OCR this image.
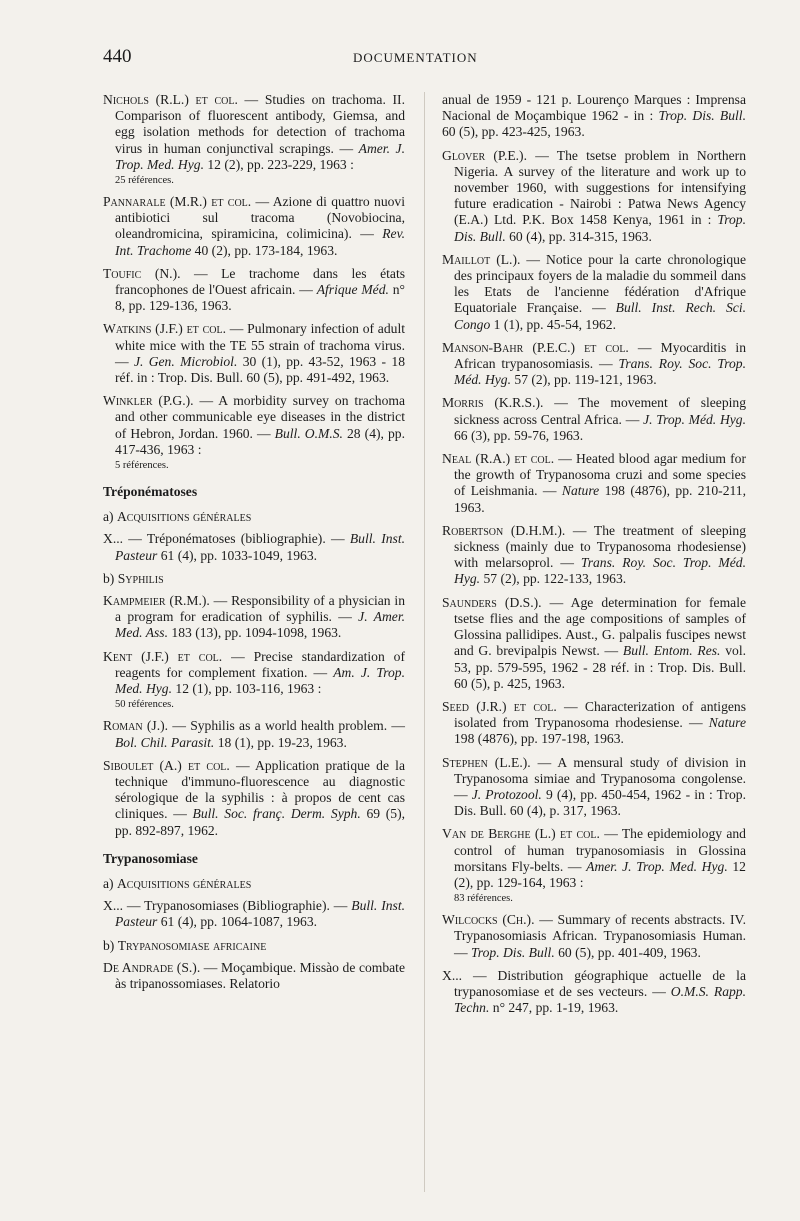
440	DOCUMENTATION
Nichols (R.L.) et col. — Studies on trachoma. II. Comparison of fluorescent antibody, Giemsa, and egg isolation methods for detection of trachoma virus in human conjunctival scrapings. — Amer. J. Trop. Med. Hyg. 12 (2), pp. 223-229, 1963 :
25 références.
Pannarale (M.R.) et col. — Azione di quattro nuovi antibiotici sul tracoma (Novobiocina, oleandromicina, spiramicina, colimicina). — Rev. Int. Trachome 40 (2), pp. 173-184, 1963.
Toufic (N.). — Le trachome dans les états francophones de l'Ouest africain. — Afrique Méd. n° 8, pp. 129-136, 1963.
Watkins (J.F.) et col. — Pulmonary infection of adult white mice with the TE 55 strain of trachoma virus. — J. Gen. Microbiol. 30 (1), pp. 43-52, 1963 - 18 réf. in : Trop. Dis. Bull. 60 (5), pp. 491-492, 1963.
Winkler (P.G.). — A morbidity survey on trachoma and other communicable eye diseases in the district of Hebron, Jordan. 1960. — Bull. O.M.S. 28 (4), pp. 417-436, 1963 :
5 références.
Tréponématoses
a) Acquisitions générales
X... — Tréponématoses (bibliographie). — Bull. Inst. Pasteur 61 (4), pp. 1033-1049, 1963.
b) Syphilis
Kampmeier (R.M.). — Responsibility of a physician in a program for eradication of syphilis. — J. Amer. Med. Ass. 183 (13), pp. 1094-1098, 1963.
Kent (J.F.) et col. — Precise standardization of reagents for complement fixation. — Am. J. Trop. Med. Hyg. 12 (1), pp. 103-116, 1963 :
50 références.
Roman (J.). — Syphilis as a world health problem. — Bol. Chil. Parasit. 18 (1), pp. 19-23, 1963.
Siboulet (A.) et col. — Application pratique de la technique d'immuno-fluorescence au diagnostic sérologique de la syphilis : à propos de cent cas cliniques. — Bull. Soc. franç. Derm. Syph. 69 (5), pp. 892-897, 1962.
Trypanosomiase
a) Acquisitions générales
X... — Trypanosomiases (Bibliographie). — Bull. Inst. Pasteur 61 (4), pp. 1064-1087, 1963.
b) Trypanosomiase africaine
De Andrade (S.). — Moçambique. Missào de combate às tripanossomiases. Relatorio
anual de 1959 - 121 p. Lourenço Marques : Imprensa Nacional de Moçambique 1962 - in : Trop. Dis. Bull. 60 (5), pp. 423-425, 1963.
Glover (P.E.). — The tsetse problem in Northern Nigeria. A survey of the literature and work up to november 1960, with suggestions for intensifying future eradication - Nairobi : Patwa News Agency (E.A.) Ltd. P.K. Box 1458 Kenya, 1961 in : Trop. Dis. Bull. 60 (4), pp. 314-315, 1963.
Maillot (L.). — Notice pour la carte chronologique des principaux foyers de la maladie du sommeil dans les Etats de l'ancienne fédération d'Afrique Equatoriale Française. — Bull. Inst. Rech. Sci. Congo 1 (1), pp. 45-54, 1962.
Manson-Bahr (P.E.C.) et col. — Myocarditis in African trypanosomiasis. — Trans. Roy. Soc. Trop. Méd. Hyg. 57 (2), pp. 119-121, 1963.
Morris (K.R.S.). — The movement of sleeping sickness across Central Africa. — J. Trop. Méd. Hyg. 66 (3), pp. 59-76, 1963.
Neal (R.A.) et col. — Heated blood agar medium for the growth of Trypanosoma cruzi and some species of Leishmania. — Nature 198 (4876), pp. 210-211, 1963.
Robertson (D.H.M.). — The treatment of sleeping sickness (mainly due to Trypanosoma rhodesiense) with melarsoprol. — Trans. Roy. Soc. Trop. Méd. Hyg. 57 (2), pp. 122-133, 1963.
Saunders (D.S.). — Age determination for female tsetse flies and the age compositions of samples of Glossina pallidipes. Aust., G. palpalis fuscipes newst and G. brevipalpis Newst. — Bull. Entom. Res. vol. 53, pp. 579-595, 1962 - 28 réf. in : Trop. Dis. Bull. 60 (5), p. 425, 1963.
Seed (J.R.) et col. — Characterization of antigens isolated from Trypanosoma rhodesiense. — Nature 198 (4876), pp. 197-198, 1963.
Stephen (L.E.). — A mensural study of division in Trypanosoma simiae and Trypanosoma congolense. — J. Protozool. 9 (4), pp. 450-454, 1962 - in : Trop. Dis. Bull. 60 (4), p. 317, 1963.
Van de Berghe (L.) et col. — The epidemiology and control of human trypanosomiasis in Glossina morsitans Fly-belts. — Amer. J. Trop. Med. Hyg. 12 (2), pp. 129-164, 1963 :
83 références.
Wilcocks (Ch.). — Summary of recents abstracts. IV. Trypanosomiasis African. Trypanosomiasis Human. — Trop. Dis. Bull. 60 (5), pp. 401-409, 1963.
X... — Distribution géographique actuelle de la trypanosomiase et de ses vecteurs. — O.M.S. Rapp. Techn. n° 247, pp. 1-19, 1963.
